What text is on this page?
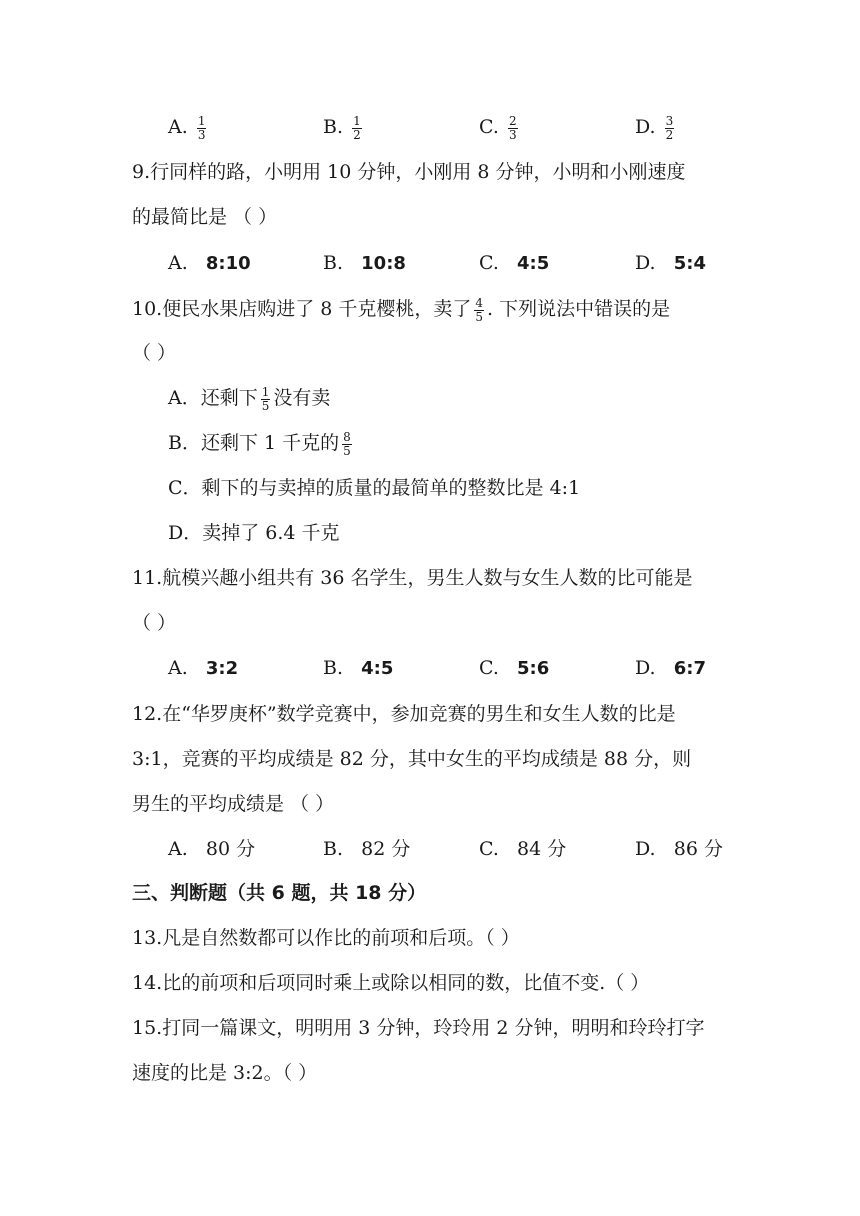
A. $\frac{1}{3}$	B. $\frac{1}{2}$	C. $\frac{2}{3}$	D. $\frac{3}{2}$
9.行同样的路，小明用 10 分钟，小刚用 8 分钟，小明和小刚速度
的最简比是 （ ）
A. 8:10	B. 10:8	C. 4:5	D. 5:4
10.便民水果店购进了 8 千克樱桃，卖了 $\frac{4}{5}$ . 下列说法中错误的是
（ ）
A．还剩下 $\frac{1}{5}$ 没有卖
B．还剩下 1 千克的 $\frac{8}{5}$
C．剩下的与卖掉的质量的最简单的整数比是 4:1
D．卖掉了 6.4 千克
11.航模兴趣小组共有 36 名学生，男生人数与女生人数的比可能是
（ ）
A. 3:2	B. 4:5	C. 5:6	D. 6:7
12.在“华罗庚杯”数学竞赛中，参加竞赛的男生和女生人数的比是
3:1，竞赛的平均成绩是 82 分，其中女生的平均成绩是 88 分，则
男生的平均成绩是 （ ）
A. 80 分	B. 82 分	C. 84 分	D. 86 分
三、判断题（共 6 题，共 18 分）
13.凡是自然数都可以作比的前项和后项。（ ）
14.比的前项和后项同时乘上或除以相同的数，比值不变.（ ）
15.打同一篇课文，明明用 3 分钟，玲玲用 2 分钟，明明和玲玲打字
速度的比是 3:2。（ ）
